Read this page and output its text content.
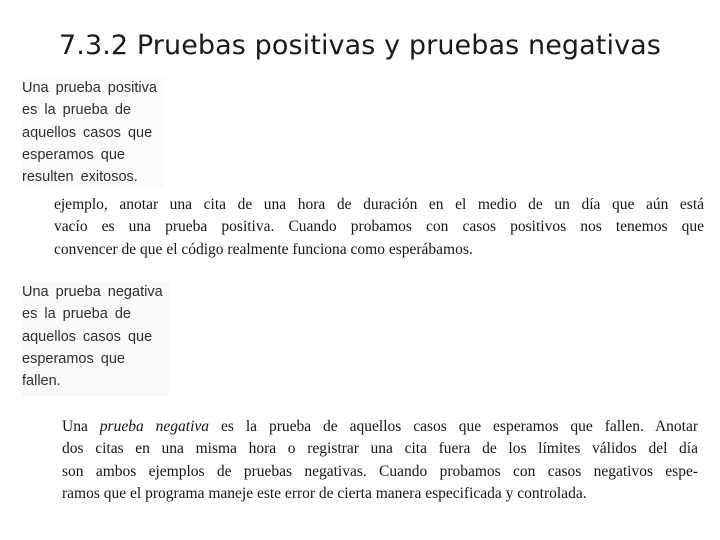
7.3.2 Pruebas positivas y pruebas negativas
Una prueba positiva
es la prueba de
aquellos casos que
esperamos que
resulten exitosos.
ejemplo, anotar una cita de una hora de duración en el medio de un día que aún está
vacío es una prueba positiva. Cuando probamos con casos positivos nos tenemos que
convencer de que el código realmente funciona como esperábamos.
Una prueba negativa
es la prueba de
aquellos casos que
esperamos que
fallen.
Una prueba negativa es la prueba de aquellos casos que esperamos que fallen. Anotar
dos citas en una misma hora o registrar una cita fuera de los límites válidos del día
son ambos ejemplos de pruebas negativas. Cuando probamos con casos negativos espe-
ramos que el programa maneje este error de cierta manera especificada y controlada.
